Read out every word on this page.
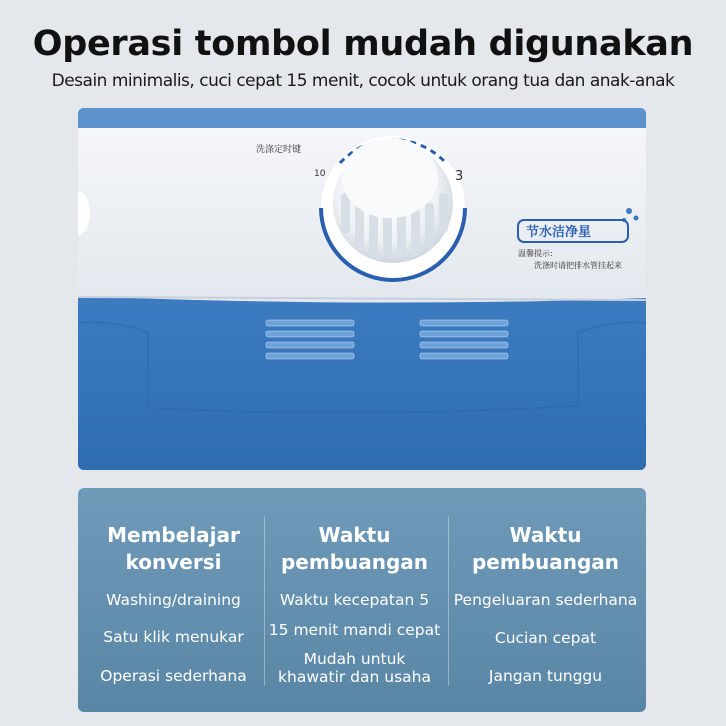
Operasi tombol mudah digunakan
Desain minimalis, cuci cepat 15 menit, cocok untuk orang tua dan anak-anak
洗涤定时键
10	3
节水洁净星
温馨提示:
洗涤时请把排水管挂起来
Membelajar
konversi
Washing/draining
Satu klik menukar
Operasi sederhana
Waktu
pembuangan
Waktu kecepatan 5
15 menit mandi cepat
Mudah untuk
khawatir dan usaha
Waktu
pembuangan
Pengeluaran sederhana
Cucian cepat
Jangan tunggu
